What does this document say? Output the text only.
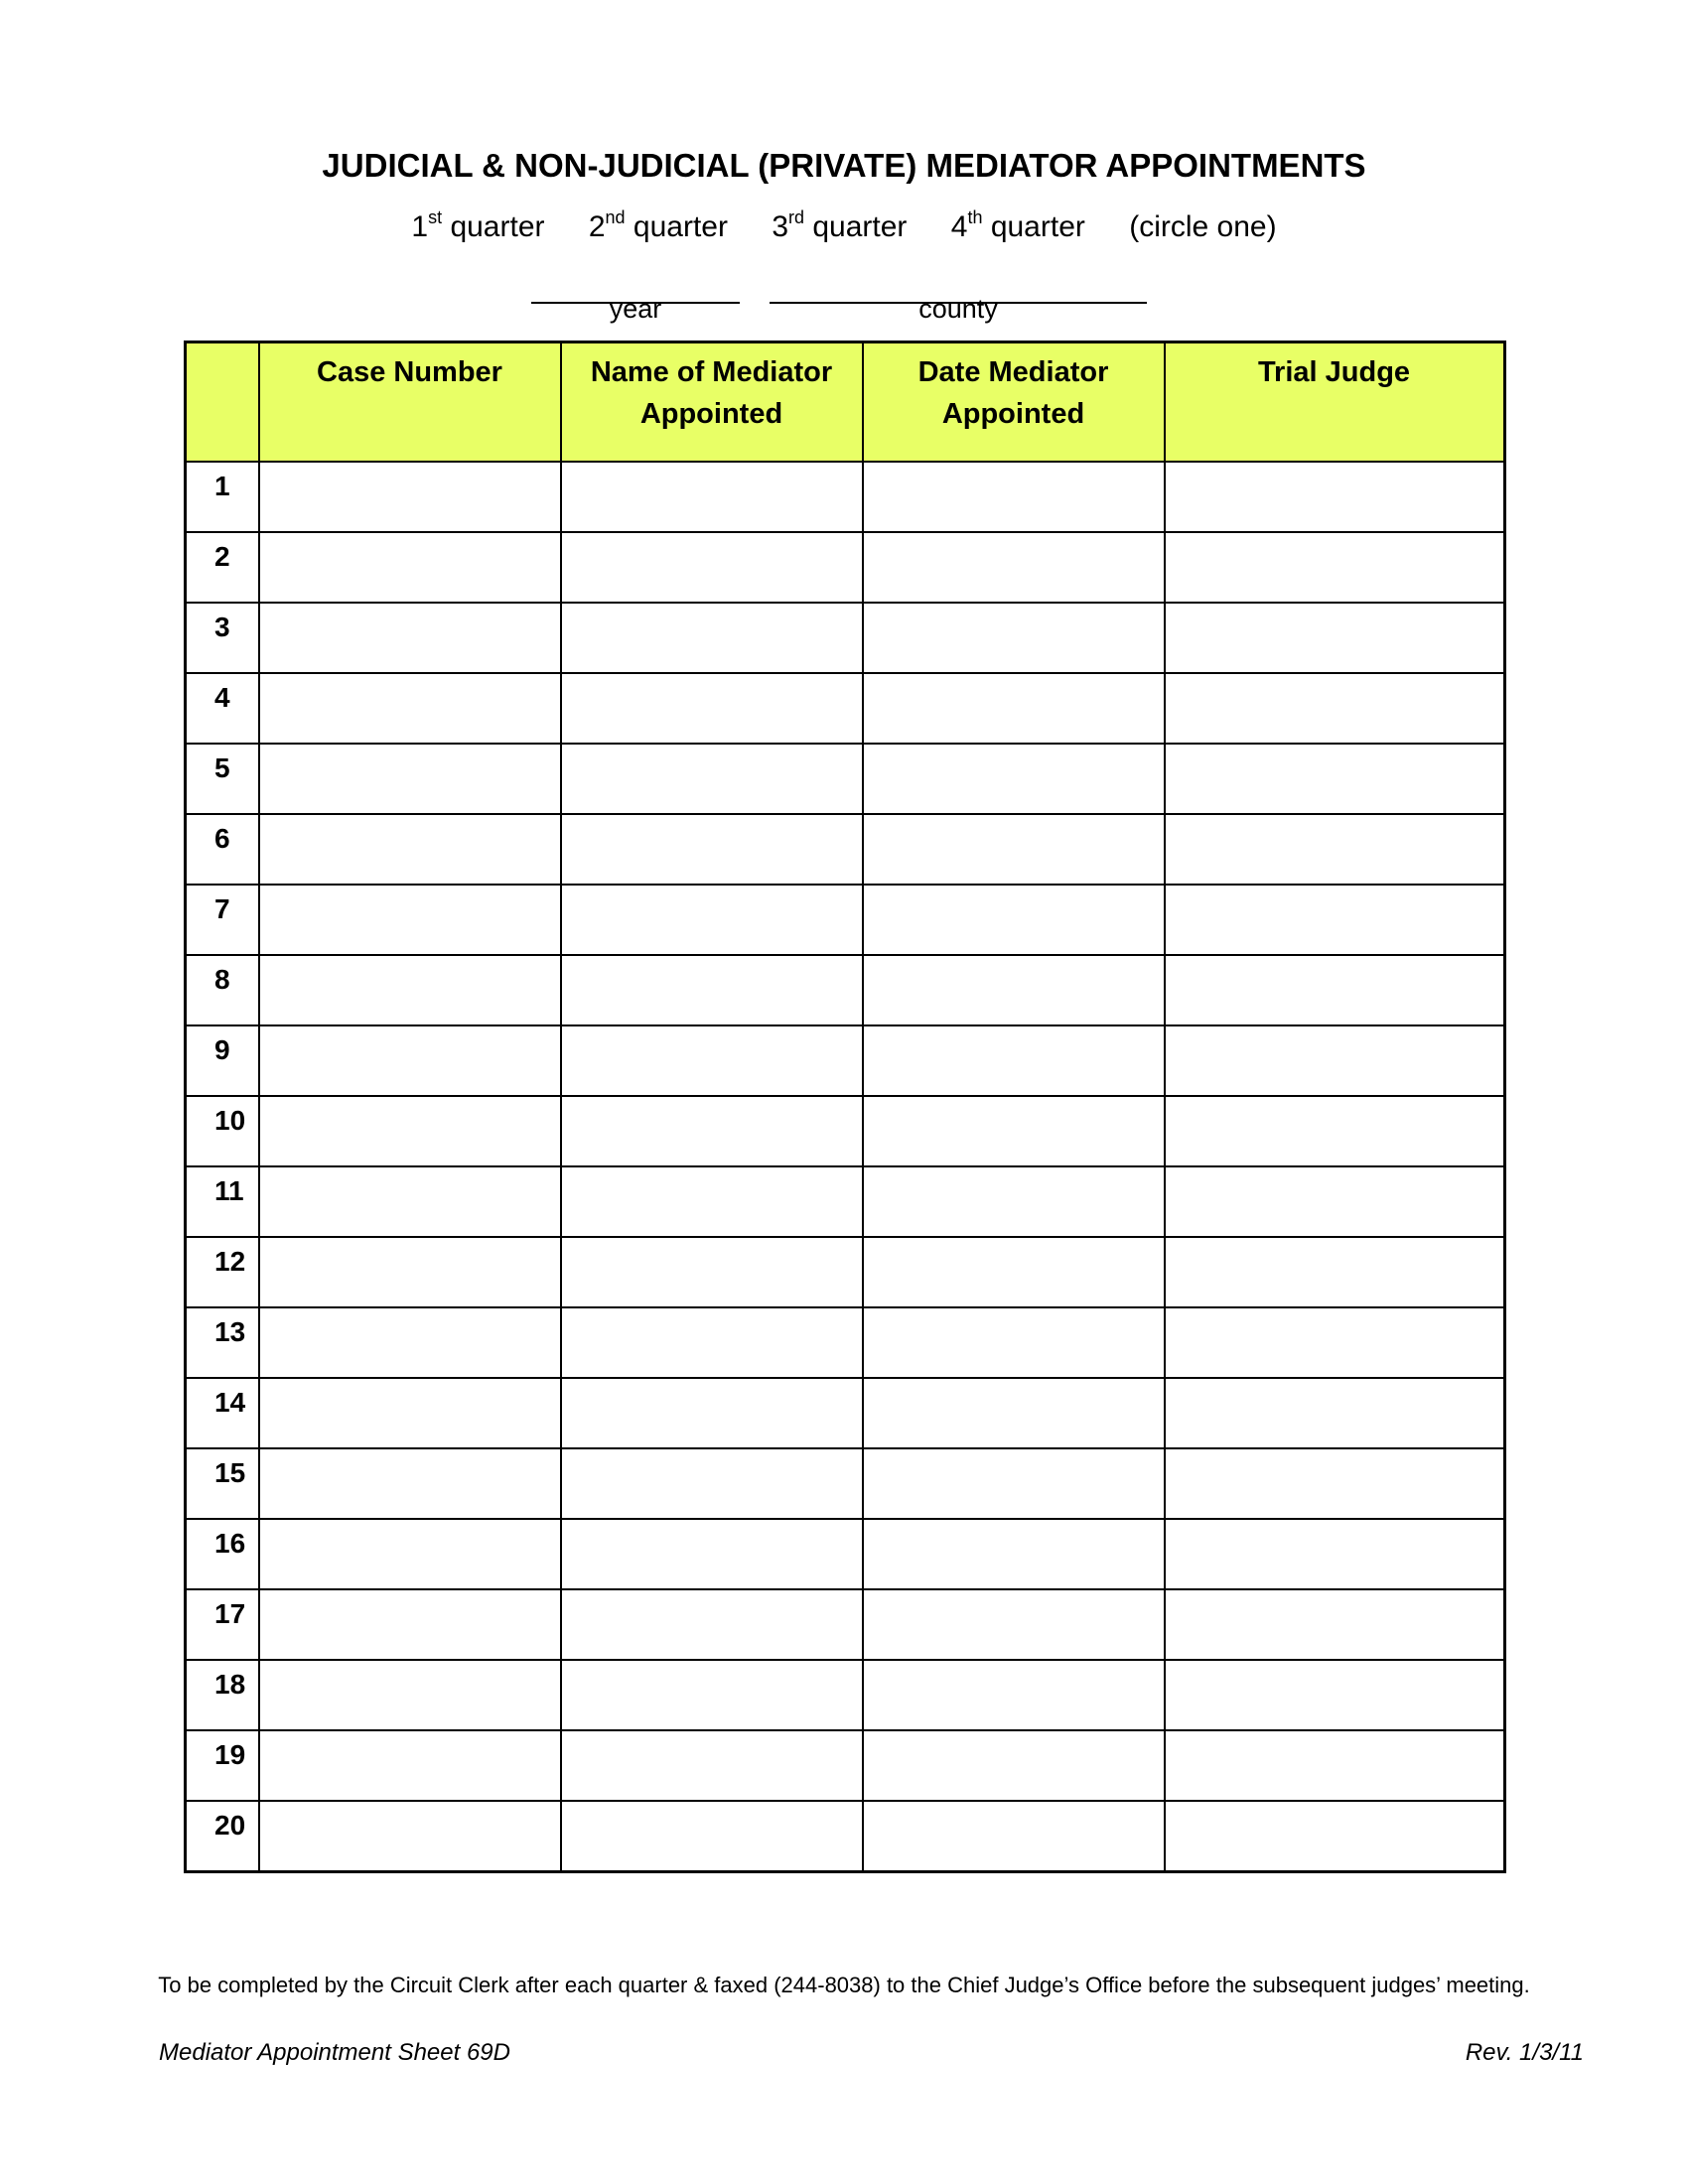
JUDICIAL & NON-JUDICIAL (PRIVATE) MEDIATOR APPOINTMENTS
1st quarter 2nd quarter 3rd quarter 4th quarter (circle one)
year	county
	Case Number	Name of Mediator Appointed	Date Mediator Appointed	Trial Judge
1				
2				
3				
4				
5				
6				
7				
8				
9				
10				
11				
12				
13				
14				
15				
16				
17				
18				
19				
20				
To be completed by the Circuit Clerk after each quarter & faxed (244-8038) to the Chief Judge’s Office before the subsequent judges’ meeting.
Mediator Appointment Sheet 69D	Rev. 1/3/11
